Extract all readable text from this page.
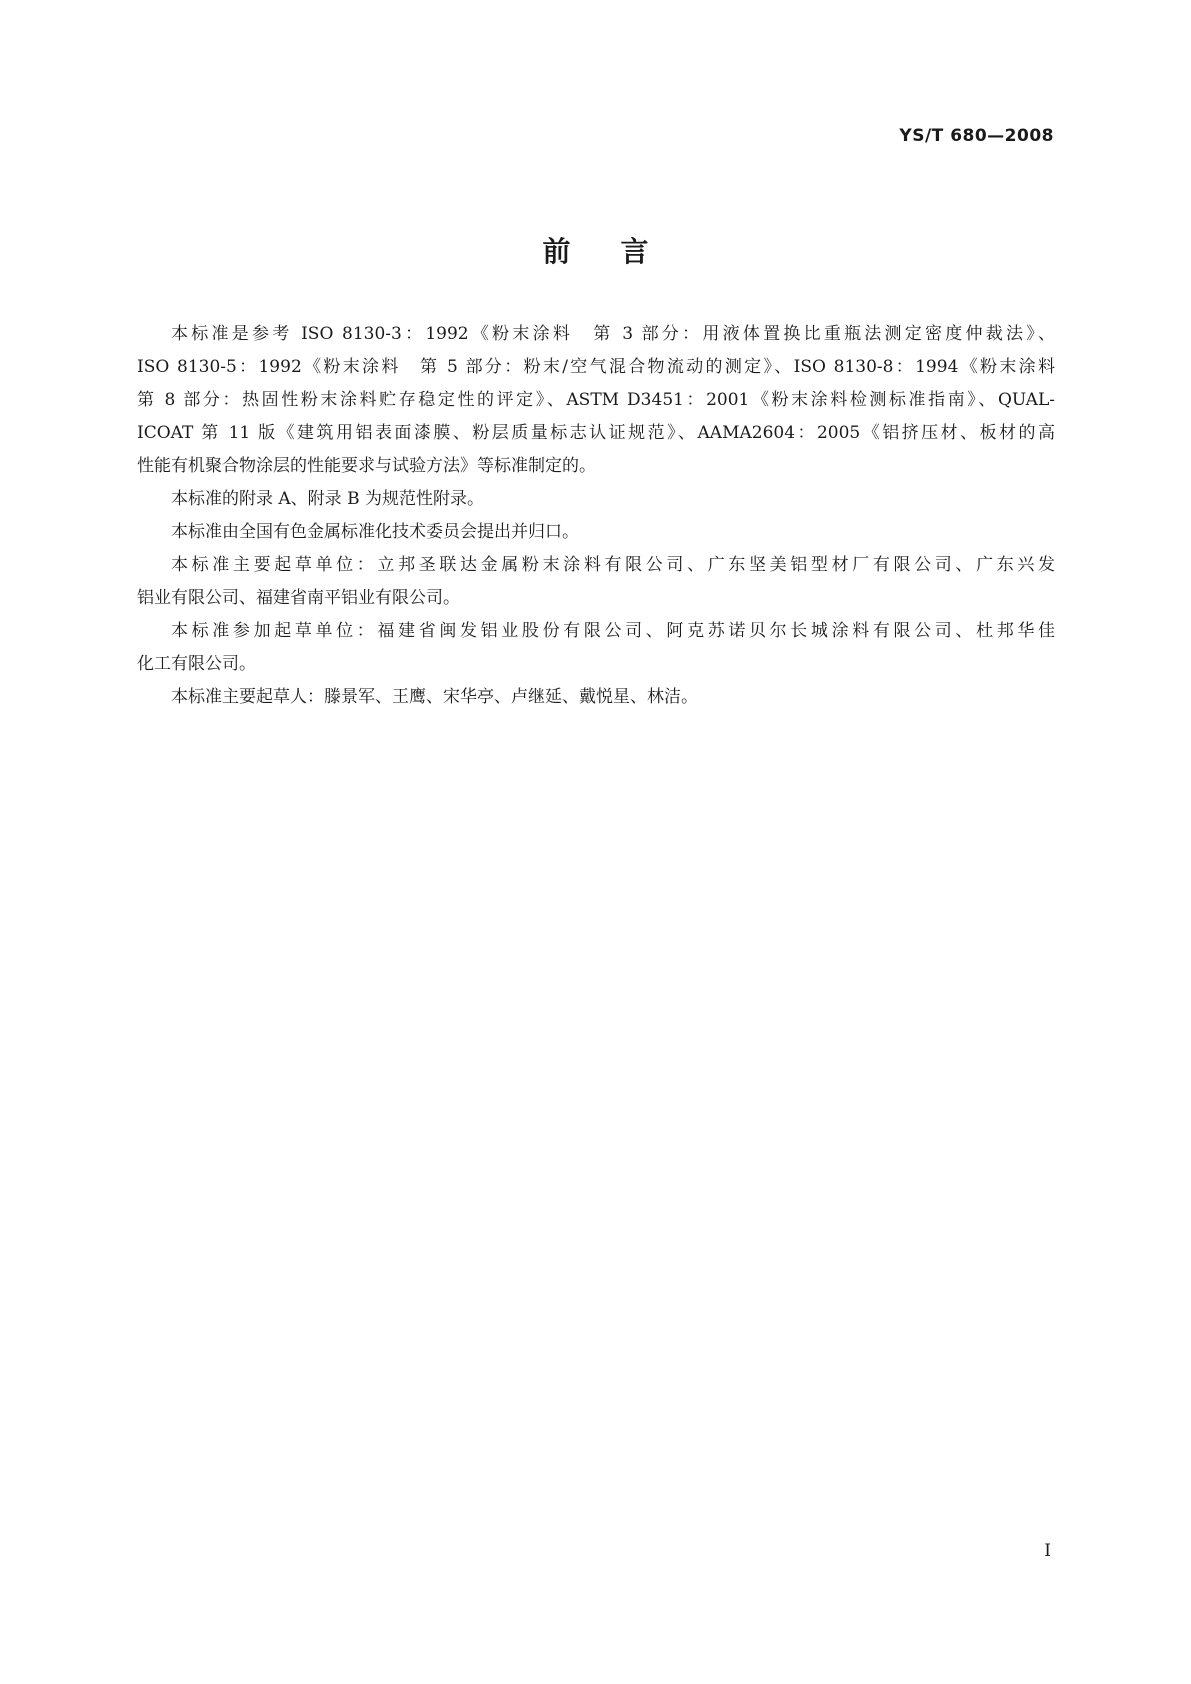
YS/T 680—2008
前言

本标准是参考 ISO 8130-3：1992《粉末涂料　第 3 部分：用液体置换比重瓶法测定密度仲裁法》、
ISO 8130-5：1992《粉末涂料　第 5 部分：粉末/空气混合物流动的测定》、ISO 8130-8：1994《粉末涂料
第 8 部分：热固性粉末涂料贮存稳定性的评定》、ASTM D3451：2001《粉末涂料检测标准指南》、QUAL-
ICOAT 第 11 版《建筑用铝表面漆膜、粉层质量标志认证规范》、AAMA2604：2005《铝挤压材、板材的高
性能有机聚合物涂层的性能要求与试验方法》等标准制定的。

本标准的附录 A、附录 B 为规范性附录。

本标准由全国有色金属标准化技术委员会提出并归口。

本标准主要起草单位：立邦圣联达金属粉末涂料有限公司、广东坚美铝型材厂有限公司、广东兴发
铝业有限公司、福建省南平铝业有限公司。

本标准参加起草单位：福建省闽发铝业股份有限公司、阿克苏诺贝尔长城涂料有限公司、杜邦华佳
化工有限公司。

本标准主要起草人：滕景军、王鹰、宋华亭、卢继延、戴悦星、林洁。

I
